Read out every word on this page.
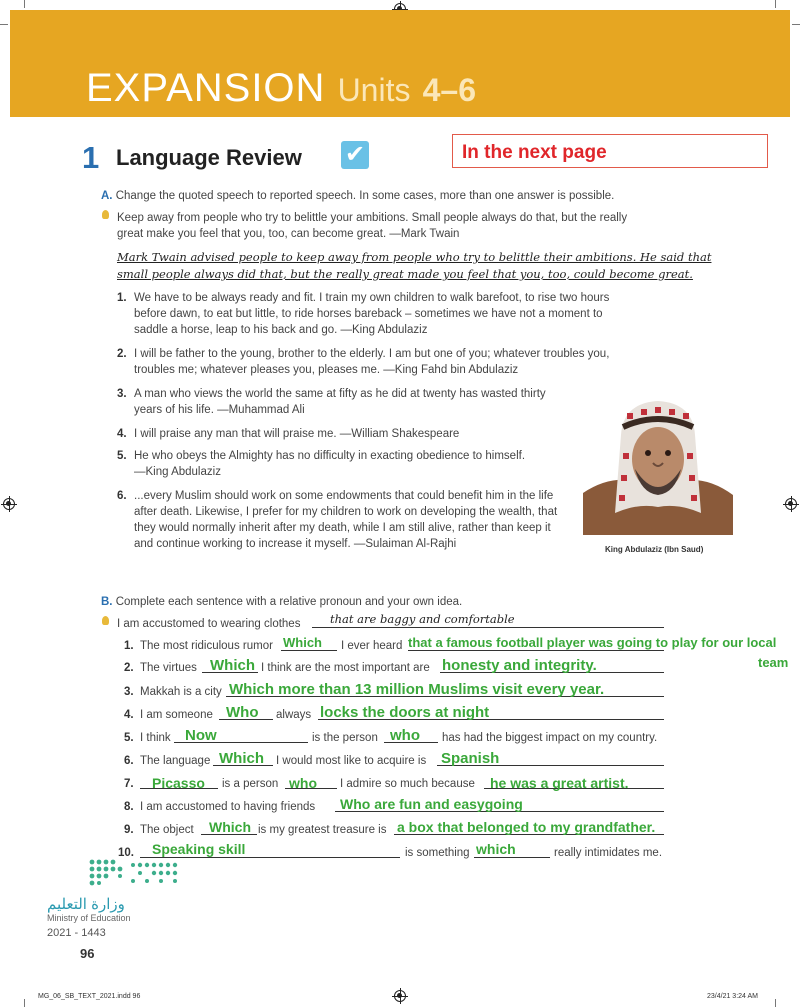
EXPANSION Units 4–6
1 Language Review ✔	In the next page
A. Change the quoted speech to reported speech. In some cases, more than one answer is possible.
Keep away from people who try to belittle your ambitions. Small people always do that, but the really
great make you feel that you, too, can become great. —Mark Twain
Mark Twain advised people to keep away from people who try to belittle their ambitions. He said that
small people always did that, but the really great made you feel that you, too, could become great.
1. We have to be always ready and fit. I train my own children to walk barefoot, to rise two hours
before dawn, to eat but little, to ride horses bareback – sometimes we have not a moment to
saddle a horse, leap to his back and go. —King Abdulaziz
2. I will be father to the young, brother to the elderly. I am but one of you; whatever troubles you,
troubles me; whatever pleases you, pleases me. —King Fahd bin Abdulaziz
3. A man who views the world the same at fifty as he did at twenty has wasted thirty
years of his life. —Muhammad Ali
4. I will praise any man that will praise me. —William Shakespeare
5. He who obeys the Almighty has no difficulty in exacting obedience to himself.
—King Abdulaziz
6. ...every Muslim should work on some endowments that could benefit him in the life
after death. Likewise, I prefer for my children to work on developing the wealth, that
they would normally inherit after my death, while I am still alive, rather than keep it
and continue working to increase it myself. —Sulaiman Al-Rajhi	King Abdulaziz (Ibn Saud)
B. Complete each sentence with a relative pronoun and your own idea.
I am accustomed to wearing clothes	that are baggy and comfortable
1. The most ridiculous rumor Which I ever heard that a famous football player was going to play for our local
team
2. The virtues Which I think are the most important are honesty and integrity.
3. Makkah is a city Which more than 13 million Muslims visit every year.
4. I am someone Who always locks the doors at night
5. I think Now	is the person who has had the biggest impact on my country.
6. The language Which I would most like to acquire is Spanish
7. Picasso is a person who I admire so much because he was a great artist.
8. I am accustomed to having friends Who are fun and easygoing
9. The object Which is my greatest treasure is a box that belonged to my grandfather.
10. Speaking skill	is something which	really intimidates me.
وزارة التعليم
Ministry of Education
2021 - 1443
96
MG_06_SB_TEXT_2021.indd 96	23/4/21 3:24 AM
